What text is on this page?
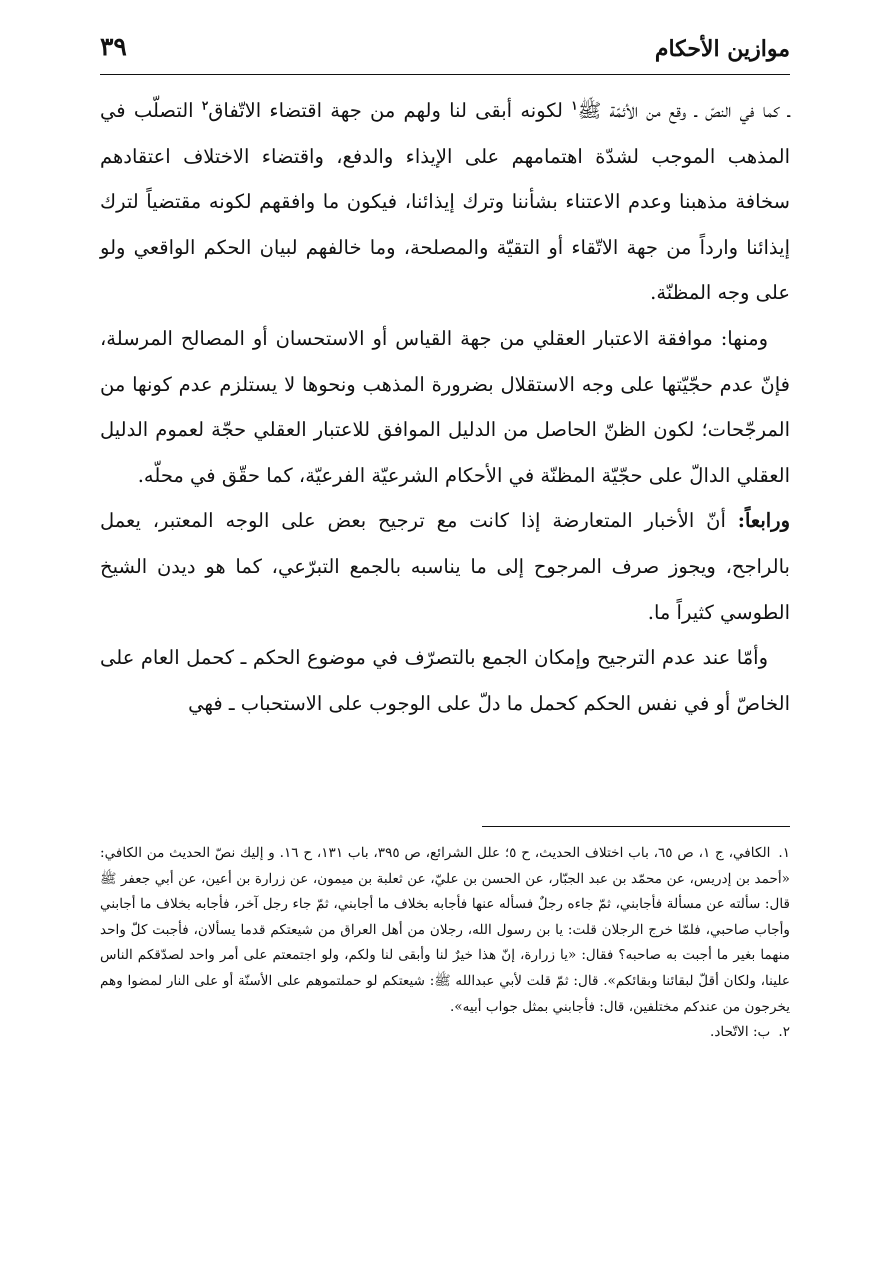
موازين الأحكام
٣٩

ـ كما في النصّ ـ وقع من الأئمّة ﷺ$^١$ لكونه أبقى لنا ولهم من جهة اقتضاء الاتّفاق$^٢$ التصلّب في المذهب الموجب لشدّة اهتمامهم على الإيذاء والدفع، واقتضاء الاختلاف اعتقادهم سخافة مذهبنا وعدم الاعتناء بشأننا وترك إيذائنا، فيكون ما وافقهم لكونه مقتضياً لترك إيذائنا وارداً من جهة الاتّقاء أو التقيّة والمصلحة، وما خالفهم لبيان الحكم الواقعي ولو على وجه المظنّة.

ومنها: موافقة الاعتبار العقلي من جهة القياس أو الاستحسان أو المصالح المرسلة، فإنّ عدم حجّيّتها على وجه الاستقلال بضرورة المذهب ونحوها لا يستلزم عدم كونها من المرجّحات؛ لكون الظنّ الحاصل من الدليل الموافق للاعتبار العقلي حجّة لعموم الدليل العقلي الدالّ على حجّيّة المظنّة في الأحكام الشرعيّة الفرعيّة، كما حقّق في محلّه.

ورابعاً: أنّ الأخبار المتعارضة إذا كانت مع ترجيح بعض على الوجه المعتبر، يعمل بالراجح، ويجوز صرف المرجوح إلى ما يناسبه بالجمع التبرّعي، كما هو ديدن الشيخ الطوسي كثيراً ما.

وأمّا عند عدم الترجيح وإمكان الجمع بالتصرّف في موضوع الحكم ـ كحمل العام على الخاصّ أو في نفس الحكم كحمل ما دلّ على الوجوب على الاستحباب ـ فهي

١.الكافي، ج ١، ص ٦٥، باب اختلاف الحديث، ح ٥؛ علل الشرائع، ص ٣٩٥، باب ١٣١، ح ١٦. و إليك نصّ الحديث من الكافي: «أحمد بن إدريس، عن محمّد بن عبد الجبّار، عن الحسن بن عليّ، عن ثعلبة بن ميمون، عن زرارة بن أعين، عن أبي جعفر ﷺ قال: سألته عن مسألة فأجابني، ثمّ جاءه رجلٌ فسأله عنها فأجابه بخلاف ما أجابني، ثمّ جاء رجل آخر، فأجابه بخلاف ما أجابني وأجاب صاحبي، فلمّا خرج الرجلان قلت: يا بن رسول الله، رجلان من أهل العراق من شيعتكم قدما يسألان، فأجبت كلّ واحد منهما بغير ما أجبت به صاحبه؟ فقال: «يا زرارة، إنّ هذا خيرٌ لنا وأبقى لنا ولكم، ولو اجتمعتم على أمر واحد لصدّقكم الناس علينا، ولكان أقلّ لبقائنا وبقائكم». قال: ثمّ قلت لأبي عبدالله ﷺ: شيعتكم لو حملتموهم على الأسنّة أو على النار لمضوا وهم يخرجون من عندكم مختلفين، قال: فأجابني بمثل جواب أبيه».

٢.ب: الاتّحاد.
